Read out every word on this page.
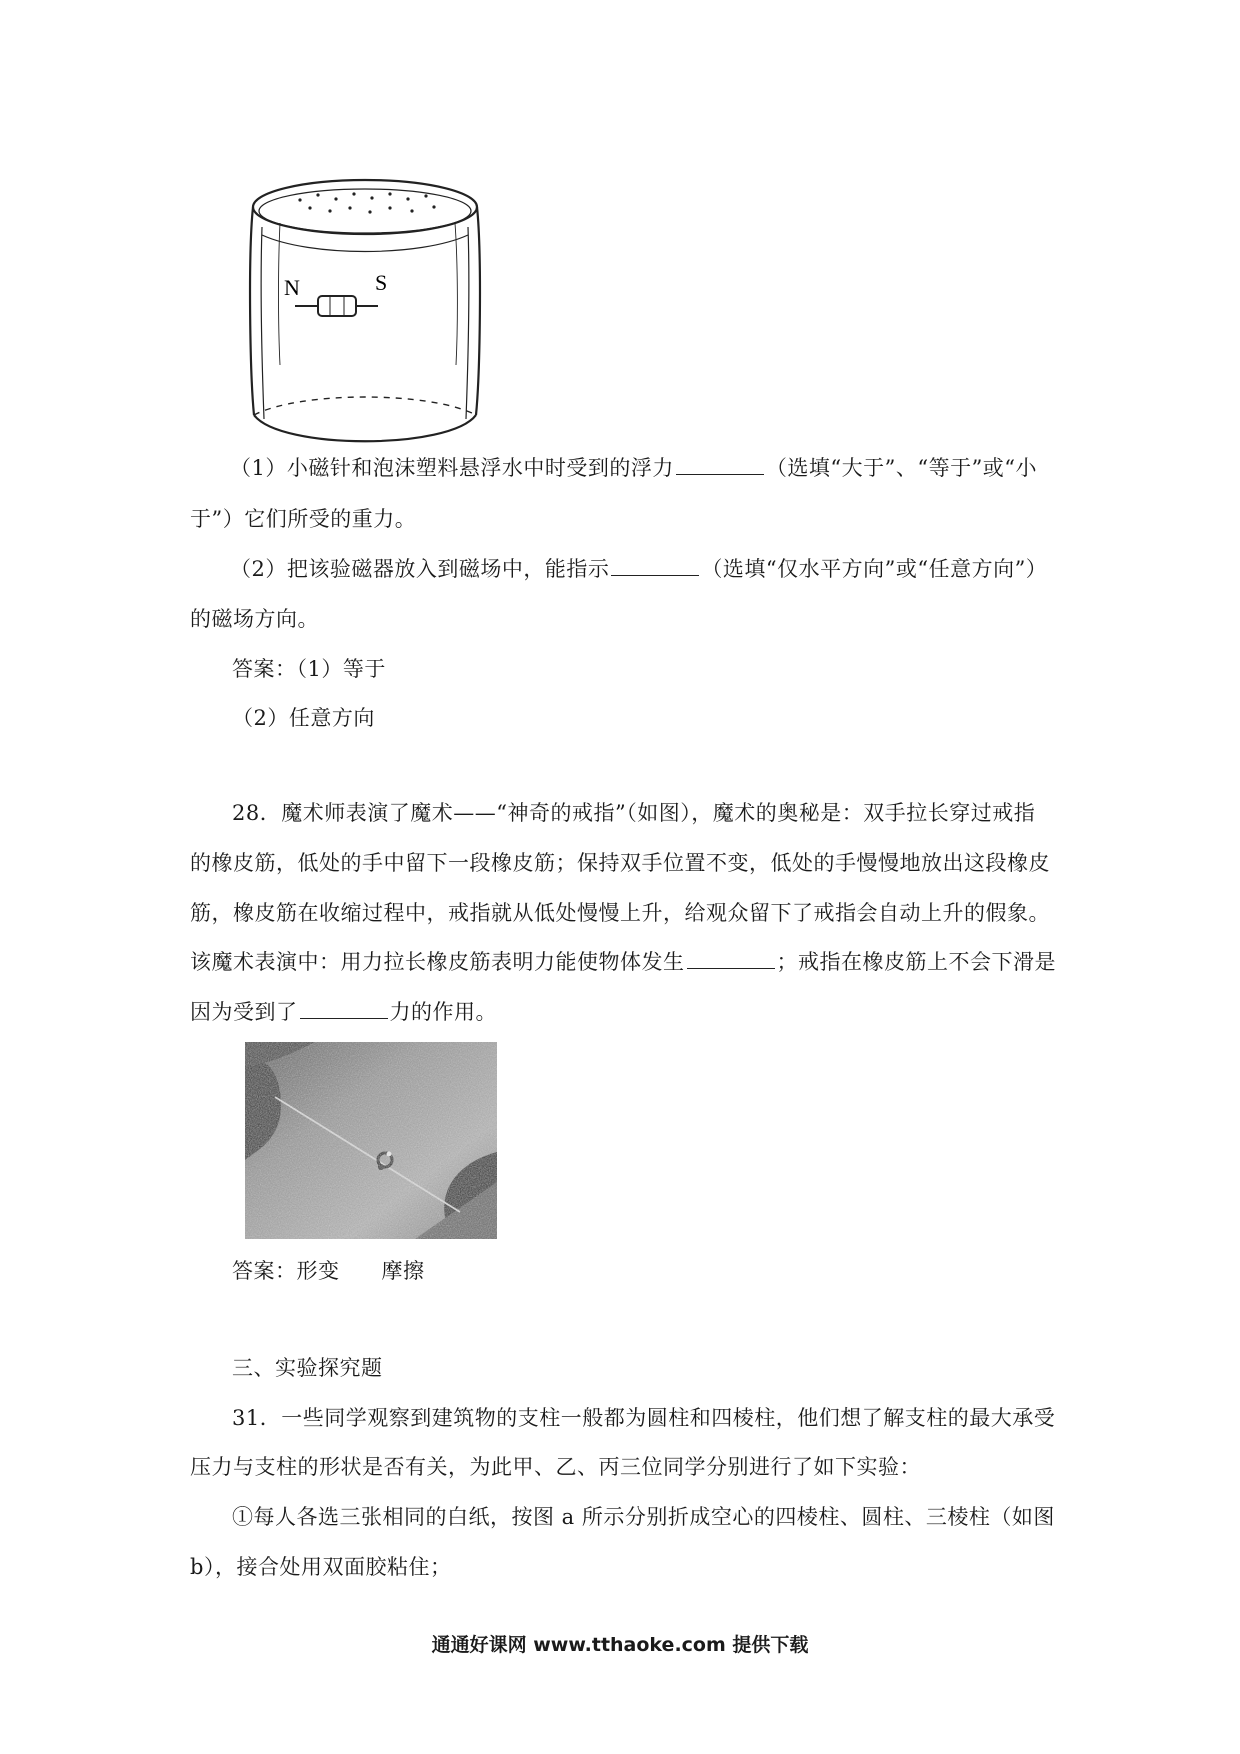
N	S
（1）小磁针和泡沫塑料悬浮水中时受到的浮力	（选填“大于”、“等于”或“小
于”）它们所受的重力。
（2）把该验磁器放入到磁场中，能指示	（选填“仅水平方向”或“任意方向”）
的磁场方向。
答案：（1）等于
（2）任意方向
28．魔术师表演了魔术——“神奇的戒指”（如图），魔术的奥秘是：双手拉长穿过戒指
的橡皮筋，低处的手中留下一段橡皮筋；保持双手位置不变，低处的手慢慢地放出这段橡皮
筋，橡皮筋在收缩过程中，戒指就从低处慢慢上升，给观众留下了戒指会自动上升的假象。
该魔术表演中：用力拉长橡皮筋表明力能使物体发生	；戒指在橡皮筋上不会下滑是
因为受到了	力的作用。
答案：形变 摩擦
三、实验探究题
31．一些同学观察到建筑物的支柱一般都为圆柱和四棱柱，他们想了解支柱的最大承受
压力与支柱的形状是否有关，为此甲、乙、丙三位同学分别进行了如下实验：
①每人各选三张相同的白纸，按图 a 所示分别折成空心的四棱柱、圆柱、三棱柱（如图
b），接合处用双面胶粘住；
通通好课网 www.tthaoke.com 提供下载
